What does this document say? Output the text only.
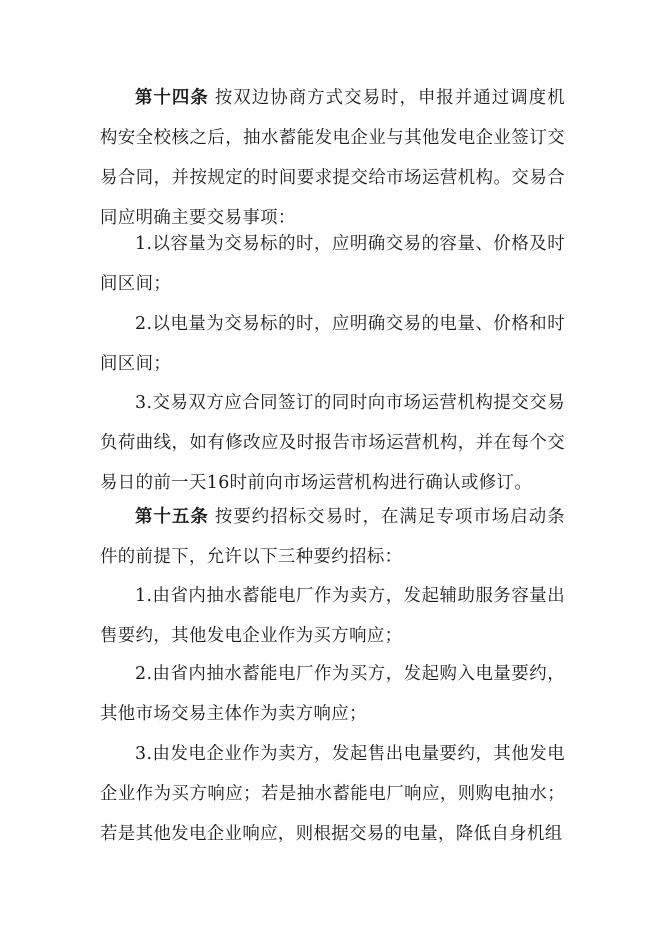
第十四条 按双边协商方式交易时，申报并通过调度机构安全校核之后，抽水蓄能发电企业与其他发电企业签订交易合同，并按规定的时间要求提交给市场运营机构。交易合同应明确主要交易事项：

1.以容量为交易标的时，应明确交易的容量、价格及时间区间；

2.以电量为交易标的时，应明确交易的电量、价格和时间区间；

3.交易双方应合同签订的同时向市场运营机构提交交易负荷曲线，如有修改应及时报告市场运营机构，并在每个交易日的前一天16时前向市场运营机构进行确认或修订。

第十五条 按要约招标交易时，在满足专项市场启动条件的前提下，允许以下三种要约招标：

1.由省内抽水蓄能电厂作为卖方，发起辅助服务容量出售要约，其他发电企业作为买方响应；

2.由省内抽水蓄能电厂作为买方，发起购入电量要约，其他市场交易主体作为卖方响应；

3.由发电企业作为卖方，发起售出电量要约，其他发电企业作为买方响应；若是抽水蓄能电厂响应，则购电抽水；若是其他发电企业响应，则根据交易的电量，降低自身机组
